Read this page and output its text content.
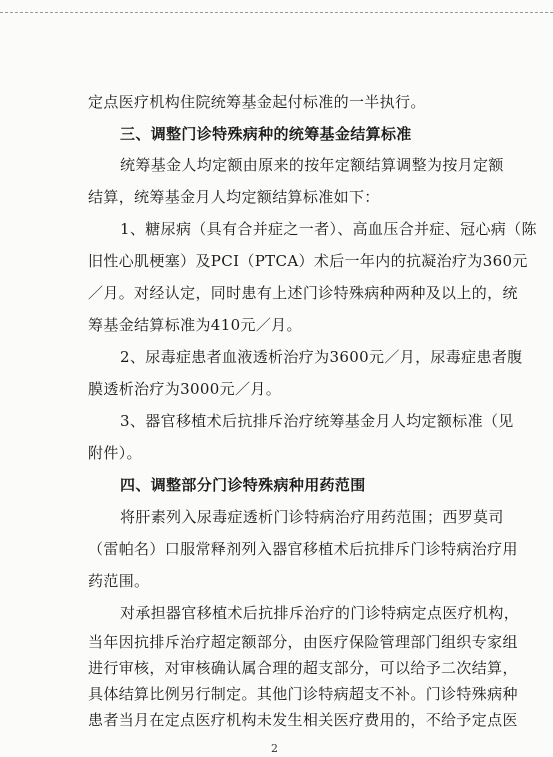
定点医疗机构住院统筹基金起付标准的一半执行。
三、调整门诊特殊病种的统筹基金结算标准
统筹基金人均定额由原来的按年定额结算调整为按月定额
结算，统筹基金月人均定额结算标准如下：
1、糖尿病（具有合并症之一者）、高血压合并症、冠心病（陈
旧性心肌梗塞）及PCI（PTCA）术后一年内的抗凝治疗为360元
／月。对经认定，同时患有上述门诊特殊病种两种及以上的，统
筹基金结算标准为410元／月。
2、尿毒症患者血液透析治疗为3600元／月，尿毒症患者腹
膜透析治疗为3000元／月。
3、器官移植术后抗排斥治疗统筹基金月人均定额标准（见
附件）。
四、调整部分门诊特殊病种用药范围
将肝素列入尿毒症透析门诊特病治疗用药范围；西罗莫司
（雷帕名）口服常释剂列入器官移植术后抗排斥门诊特病治疗用
药范围。
对承担器官移植术后抗排斥治疗的门诊特病定点医疗机构，
当年因抗排斥治疗超定额部分，由医疗保险管理部门组织专家组
进行审核，对审核确认属合理的超支部分，可以给予二次结算，
具体结算比例另行制定。其他门诊特病超支不补。门诊特殊病种
患者当月在定点医疗机构未发生相关医疗费用的，不给予定点医
2
